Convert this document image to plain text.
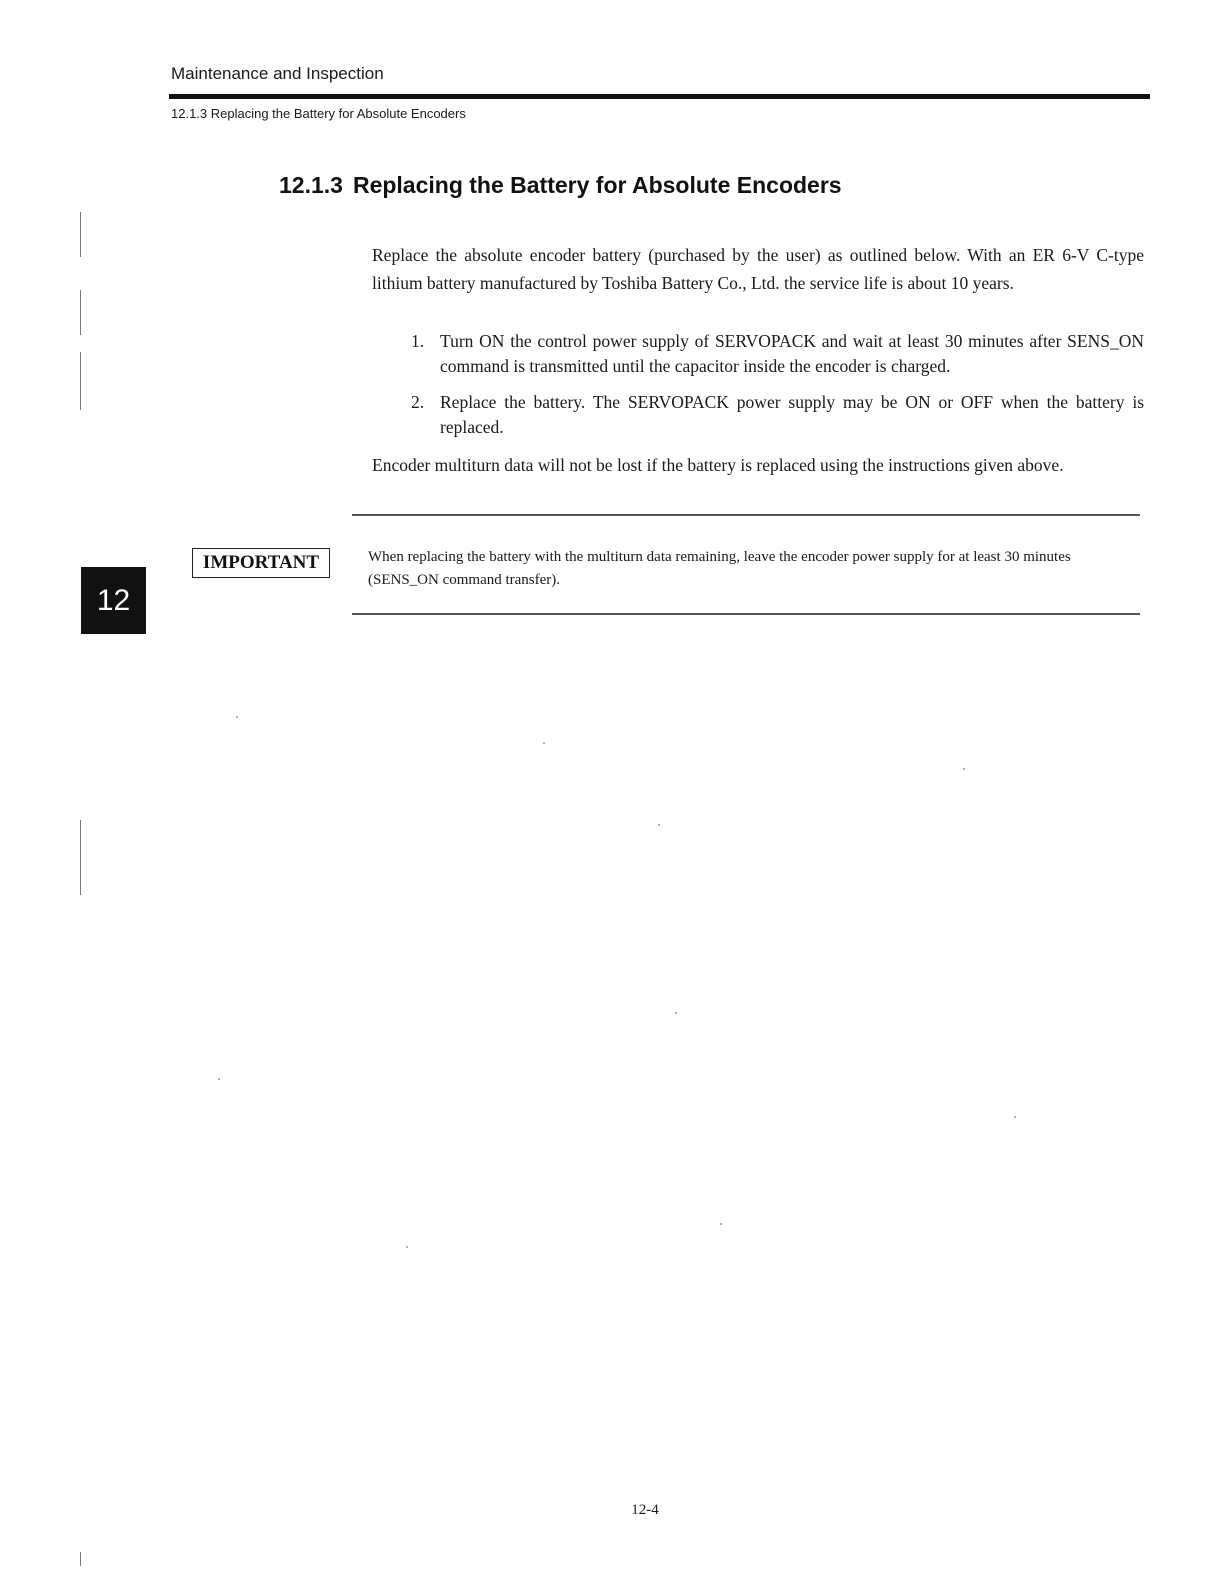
Maintenance and Inspection
12.1.3 Replacing the Battery for Absolute Encoders
12.1.3 Replacing the Battery for Absolute Encoders

Replace the absolute encoder battery (purchased by the user) as outlined below. With an ER 6-V C-type lithium battery manufactured by Toshiba Battery Co., Ltd. the service life is about 10 years.

1. Turn ON the control power supply of SERVOPACK and wait at least 30 minutes after SENS_ON command is transmitted until the capacitor inside the encoder is charged.
2. Replace the battery. The SERVOPACK power supply may be ON or OFF when the battery is replaced.

Encoder multiturn data will not be lost if the battery is replaced using the instructions given above.

IMPORTANT	When replacing the battery with the multiturn data remaining, leave the encoder power supply for at least 30 minutes (SENS_ON command transfer).

12
12-4
